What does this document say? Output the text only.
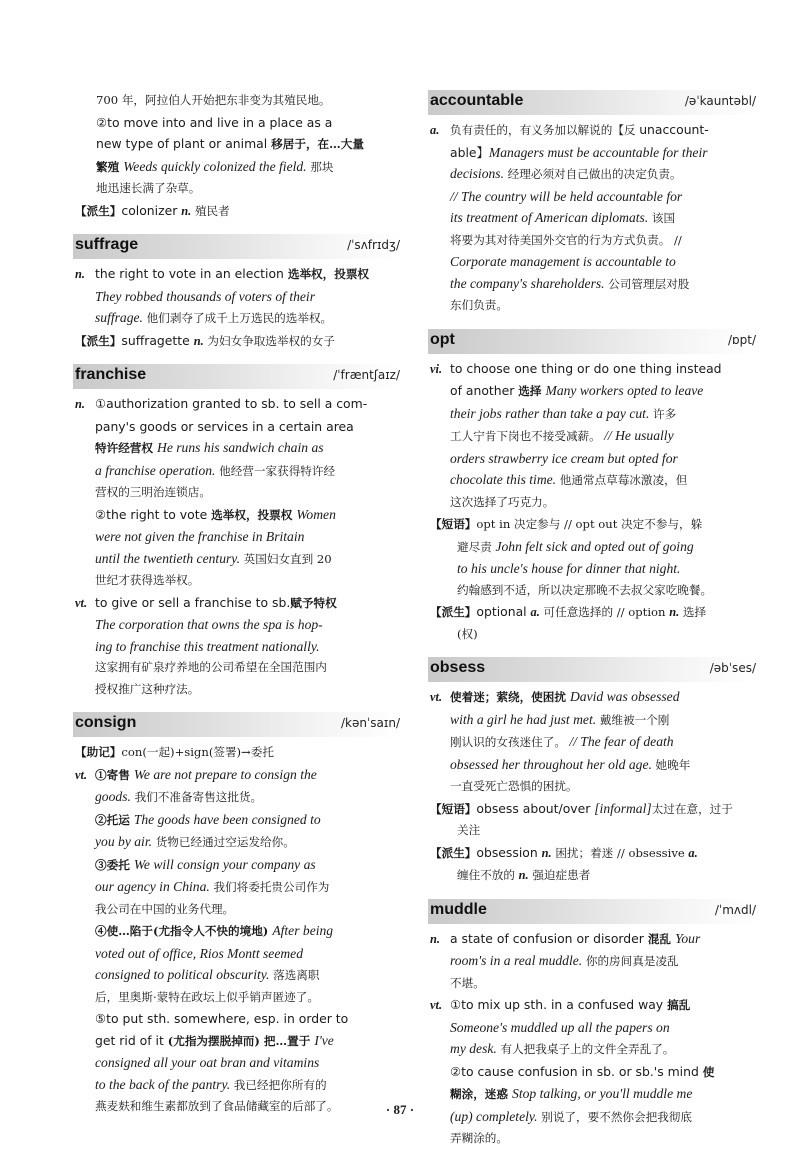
700 年，阿拉伯人开始把东非变为其殖民地。
②to move into and live in a place as a
new type of plant or animal 移居于，在…大量
繁殖 Weeds quickly colonized the field. 那块
地迅速长满了杂草。
【派生】colonizer n. 殖民者
suffrage	/ˈsʌfrɪdʒ/
n. the right to vote in an election 选举权，投票权
They robbed thousands of voters of their
suffrage. 他们剥夺了成千上万选民的选举权。
【派生】suffragette n. 为妇女争取选举权的女子
franchise	/ˈfræntʃaɪz/
n. ①authorization granted to sb. to sell a com-
pany's goods or services in a certain area
特许经营权 He runs his sandwich chain as
a franchise operation. 他经营一家获得特许经
营权的三明治连锁店。
②the right to vote 选举权，投票权 Women
were not given the franchise in Britain
until the twentieth century. 英国妇女直到 20
世纪才获得选举权。
vt. to give or sell a franchise to sb.赋予特权
The corporation that owns the spa is hop-
ing to franchise this treatment nationally.
这家拥有矿泉疗养地的公司希望在全国范围内
授权推广这种疗法。
consign	/kənˈsaɪn/
【助记】con(一起)+sign(签署)→委托
vt. ①寄售 We are not prepare to consign the
goods. 我们不准备寄售这批货。
②托运 The goods have been consigned to
you by air. 货物已经通过空运发给你。
③委托 We will consign your company as
our agency in China. 我们将委托贵公司作为
我公司在中国的业务代理。
④使…陷于(尤指令人不快的境地) After being
voted out of office, Rios Montt seemed
consigned to political obscurity. 落选离职
后，里奥斯·蒙特在政坛上似乎销声匿迹了。
⑤to put sth. somewhere, esp. in order to
get rid of it (尤指为摆脱掉而) 把…置于 I've
consigned all your oat bran and vitamins
to the back of the pantry. 我已经把你所有的
燕麦麸和维生素都放到了食品储藏室的后部了。
accountable	/əˈkauntəbl/
a. 负有责任的，有义务加以解说的【反 unaccount-
able】Managers must be accountable for their
decisions. 经理必须对自己做出的决定负责。
// The country will be held accountable for
its treatment of American diplomats. 该国
将要为其对待美国外交官的行为方式负责。 //
Corporate management is accountable to
the company's shareholders. 公司管理层对股
东们负责。
opt	/ɒpt/
vi. to choose one thing or do one thing instead
of another 选择 Many workers opted to leave
their jobs rather than take a pay cut. 许多
工人宁肯下岗也不接受减薪。 // He usually
orders strawberry ice cream but opted for
chocolate this time. 他通常点草莓冰激凌，但
这次选择了巧克力。
【短语】opt in 决定参与 // opt out 决定不参与，躲
避尽责 John felt sick and opted out of going
to his uncle's house for dinner that night.
约翰感到不适，所以决定那晚不去叔父家吃晚餐。
【派生】optional a. 可任意选择的 // option n. 选择
(权)
obsess	/əbˈses/
vt. 使着迷；萦绕，使困扰 David was obsessed
with a girl he had just met. 戴维被一个刚
刚认识的女孩迷住了。 // The fear of death
obsessed her throughout her old age. 她晚年
一直受死亡恐惧的困扰。
【短语】obsess about/over [informal]太过在意，过于
关注
【派生】obsession n. 困扰；着迷 // obsessive a.
缠住不放的 n. 强迫症患者
muddle	/ˈmʌdl/
n. a state of confusion or disorder 混乱 Your
room's in a real muddle. 你的房间真是凌乱
不堪。
vt. ①to mix up sth. in a confused way 搞乱
Someone's muddled up all the papers on
my desk. 有人把我桌子上的文件全弄乱了。
②to cause confusion in sb. or sb.'s mind 使
糊涂，迷惑 Stop talking, or you'll muddle me
(up) completely. 别说了，要不然你会把我彻底
弄糊涂的。
· 87 ·
